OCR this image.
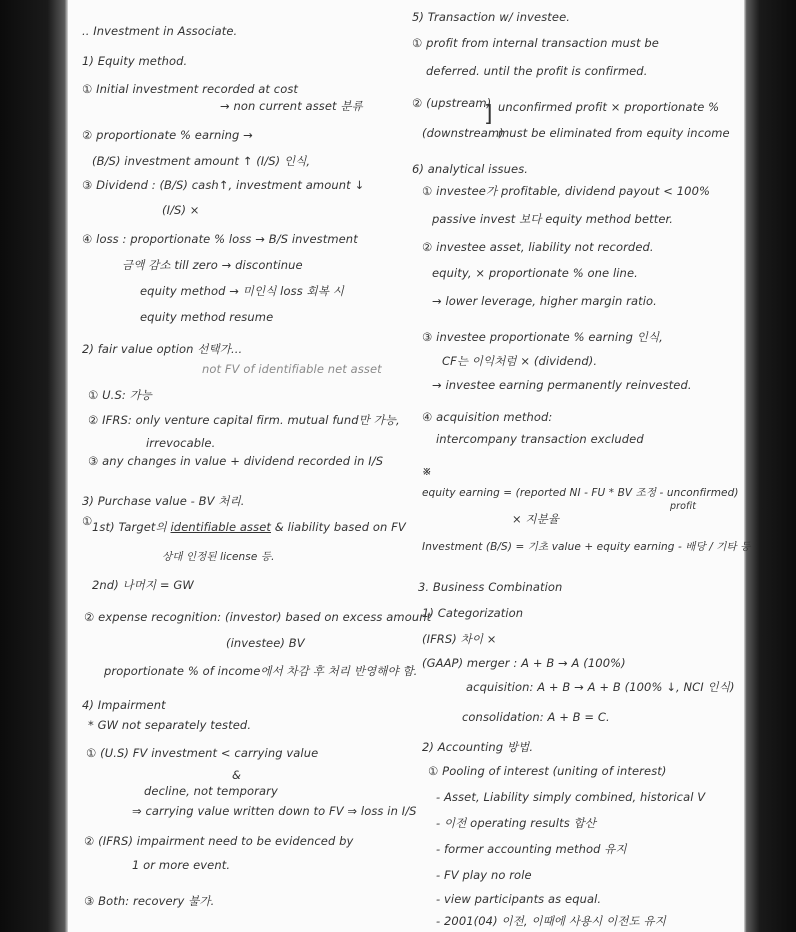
.. Investment in Associate.
1) Equity method.
① Initial investment recorded at cost
→ non current asset 분류
② proportionate % earning →
(B/S) investment amount ↑ (I/S) 인식,
③ Dividend : (B/S) cash↑, investment amount ↓
(I/S) ×
④ loss : proportionate % loss → B/S investment
금액 감소 till zero → discontinue
equity method → 미인식 loss 회복 시
equity method resume
2) fair value option 선택가...
not FV of identifiable net asset
① U.S: 가능
② IFRS: only venture capital firm. mutual fund만 가능,
irrevocable.
③ any changes in value + dividend recorded in I/S
3) Purchase value - BV 처리.
① 1st) Target의 identifiable asset & liability based on FV
상대 인정된 license 등.
2nd) 나머지 = GW
② expense recognition: (investor) based on excess amount
(investee) BV
proportionate % of income에서 차감 후 처리 반영해야 함.
4) Impairment
* GW not separately tested.
① (U.S) FV investment < carrying value
&
decline, not temporary
⇒ carrying value written down to FV ⇒ loss in I/S
② (IFRS) impairment need to be evidenced by
1 or more event.
③ Both: recovery 불가.
]
5) Transaction w/ investee.
① profit from internal transaction must be
deferred. until the profit is confirmed.
② (upstream)
(downstream)
unconfirmed profit × proportionate %
must be eliminated from equity income
6) analytical issues.
① investee가 profitable, dividend payout < 100%
passive invest 보다 equity method better.
② investee asset, liability not recorded.
equity, × proportionate % one line.
→ lower leverage, higher margin ratio.
③ investee proportionate % earning 인식,
CF는 이익처럼 × (dividend).
→ investee earning permanently reinvested.
④ acquisition method:
intercompany transaction excluded
※
equity earning = (reported NI - FU * BV 조정 - unconfirmed)
profit
× 지분율
Investment (B/S) = 기초 value + equity earning - 배당 / 기타 등
3. Business Combination
1) Categorization
(IFRS) 차이 ×
(GAAP) merger : A + B → A (100%)
acquisition: A + B → A + B (100% ↓, NCI 인식)
consolidation: A + B = C.
2) Accounting 방법.
① Pooling of interest (uniting of interest)
- Asset, Liability simply combined, historical V
- 이전 operating results 합산
- former accounting method 유지
- FV play no role
- view participants as equal.
- 2001(04) 이전, 이때에 사용시 이전도 유지
